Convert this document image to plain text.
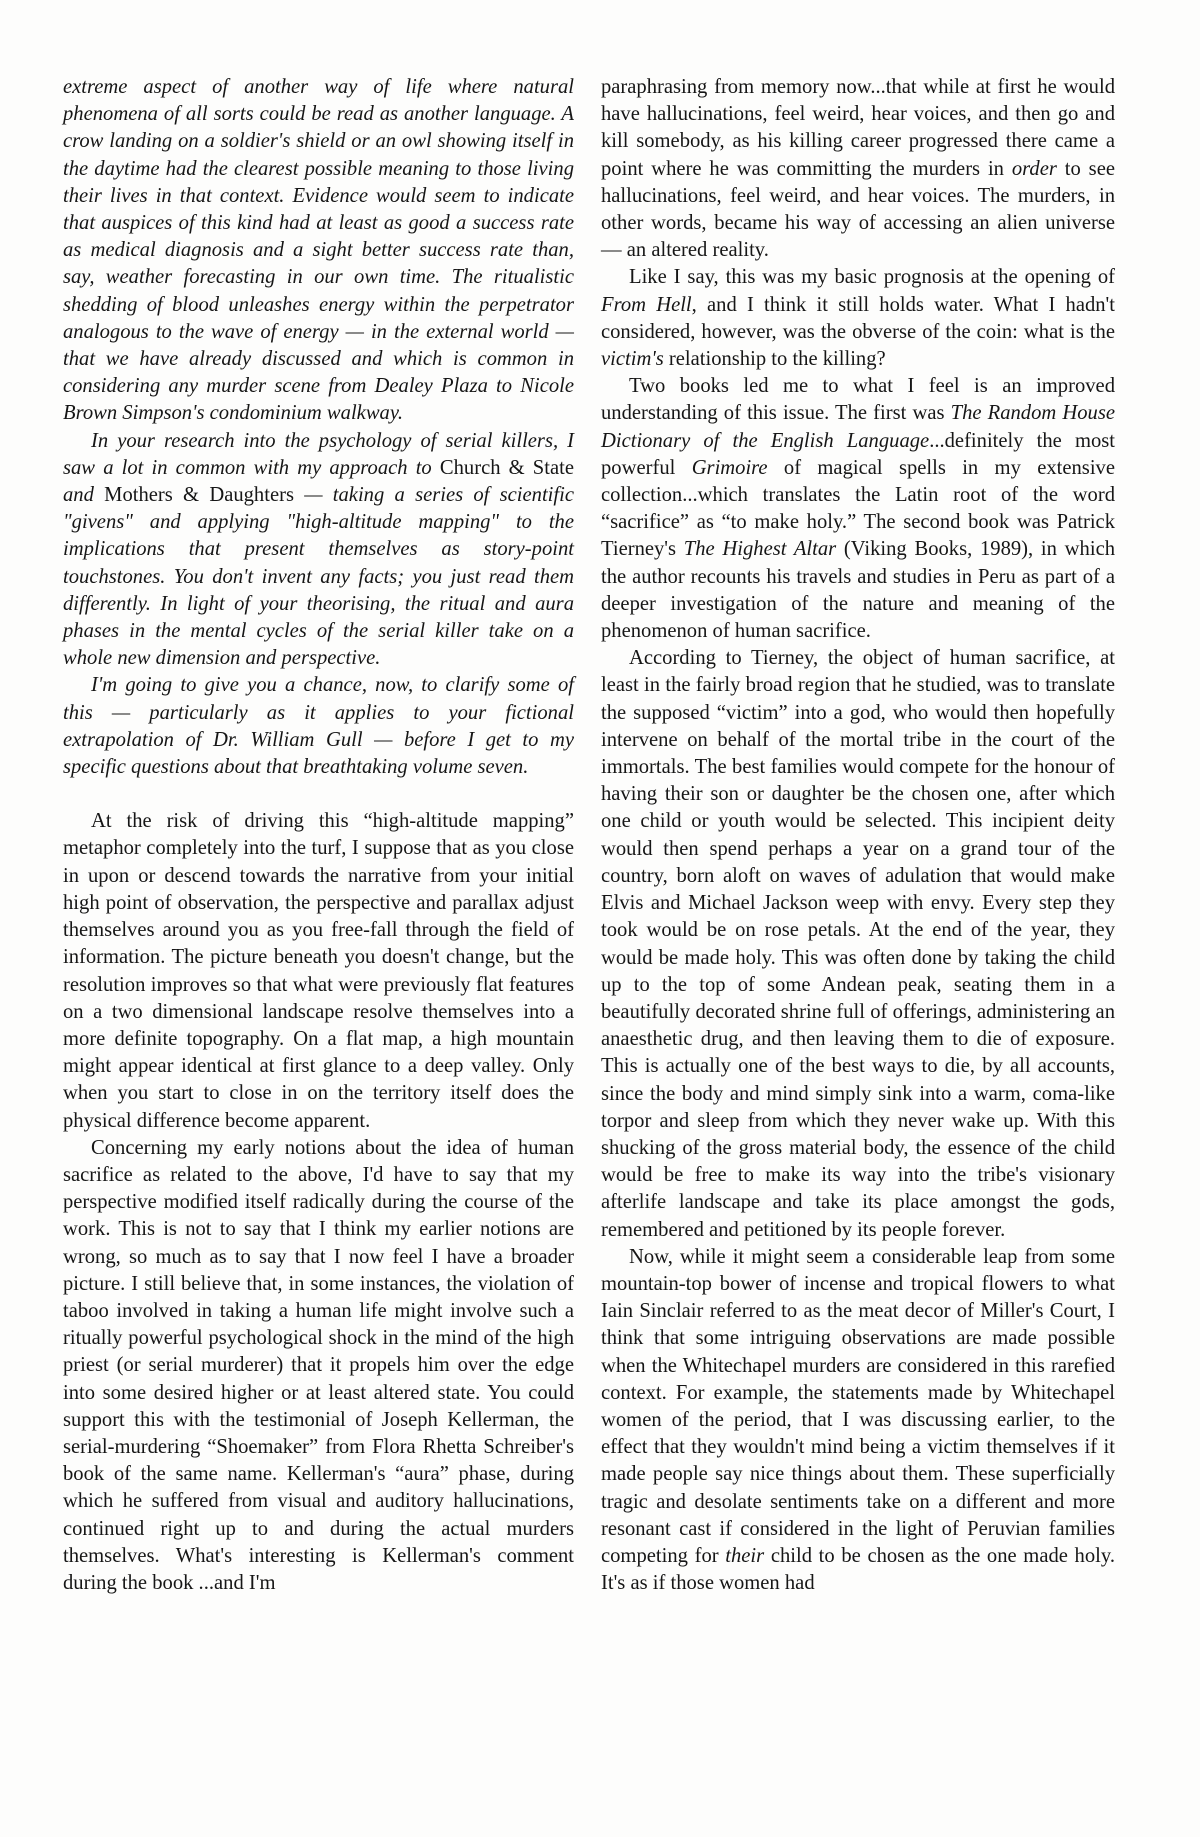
extreme aspect of another way of life where natural phenomena of all sorts could be read as another language. A crow landing on a soldier's shield or an owl showing itself in the daytime had the clearest possible meaning to those living their lives in that context. Evidence would seem to indicate that auspices of this kind had at least as good a success rate as medical diagnosis and a sight better success rate than, say, weather forecasting in our own time. The ritualistic shedding of blood unleashes energy within the perpetrator analogous to the wave of energy — in the external world — that we have already discussed and which is common in considering any murder scene from Dealey Plaza to Nicole Brown Simpson's condominium walkway.

In your research into the psychology of serial killers, I saw a lot in common with my approach to Church & State and Mothers & Daughters — taking a series of scientific "givens" and applying "high-altitude mapping" to the implications that present themselves as story-point touchstones. You don't invent any facts; you just read them differently. In light of your theorising, the ritual and aura phases in the mental cycles of the serial killer take on a whole new dimension and perspective.

I'm going to give you a chance, now, to clarify some of this — particularly as it applies to your fictional extrapolation of Dr. William Gull — before I get to my specific questions about that breathtaking volume seven.

At the risk of driving this “high-altitude mapping” metaphor completely into the turf, I suppose that as you close in upon or descend towards the narrative from your initial high point of observation, the perspective and parallax adjust themselves around you as you free-fall through the field of information. The picture beneath you doesn't change, but the resolution improves so that what were previously flat features on a two dimensional landscape resolve themselves into a more definite topography. On a flat map, a high mountain might appear identical at first glance to a deep valley. Only when you start to close in on the territory itself does the physical difference become apparent.

Concerning my early notions about the idea of human sacrifice as related to the above, I'd have to say that my perspective modified itself radically during the course of the work. This is not to say that I think my earlier notions are wrong, so much as to say that I now feel I have a broader picture. I still believe that, in some instances, the violation of taboo involved in taking a human life might involve such a ritually powerful psychological shock in the mind of the high priest (or serial murderer) that it propels him over the edge into some desired higher or at least altered state. You could support this with the testimonial of Joseph Kellerman, the serial-murdering “Shoemaker” from Flora Rhetta Schreiber's book of the same name. Kellerman's “aura” phase, during which he suffered from visual and auditory hallucinations, continued right up to and during the actual murders themselves. What's interesting is Kellerman's comment during the book ...and I'm

paraphrasing from memory now...that while at first he would have hallucinations, feel weird, hear voices, and then go and kill somebody, as his killing career progressed there came a point where he was committing the murders in order to see hallucinations, feel weird, and hear voices. The murders, in other words, became his way of accessing an alien universe — an altered reality.

Like I say, this was my basic prognosis at the opening of From Hell, and I think it still holds water. What I hadn't considered, however, was the obverse of the coin: what is the victim's relationship to the killing?

Two books led me to what I feel is an improved understanding of this issue. The first was The Random House Dictionary of the English Language...definitely the most powerful Grimoire of magical spells in my extensive collection...which translates the Latin root of the word “sacrifice” as “to make holy.” The second book was Patrick Tierney's The Highest Altar (Viking Books, 1989), in which the author recounts his travels and studies in Peru as part of a deeper investigation of the nature and meaning of the phenomenon of human sacrifice.

According to Tierney, the object of human sacrifice, at least in the fairly broad region that he studied, was to translate the supposed “victim” into a god, who would then hopefully intervene on behalf of the mortal tribe in the court of the immortals. The best families would compete for the honour of having their son or daughter be the chosen one, after which one child or youth would be selected. This incipient deity would then spend perhaps a year on a grand tour of the country, born aloft on waves of adulation that would make Elvis and Michael Jackson weep with envy. Every step they took would be on rose petals. At the end of the year, they would be made holy. This was often done by taking the child up to the top of some Andean peak, seating them in a beautifully decorated shrine full of offerings, administering an anaesthetic drug, and then leaving them to die of exposure. This is actually one of the best ways to die, by all accounts, since the body and mind simply sink into a warm, coma-like torpor and sleep from which they never wake up. With this shucking of the gross material body, the essence of the child would be free to make its way into the tribe's visionary afterlife landscape and take its place amongst the gods, remembered and petitioned by its people forever.

Now, while it might seem a considerable leap from some mountain-top bower of incense and tropical flowers to what Iain Sinclair referred to as the meat decor of Miller's Court, I think that some intriguing observations are made possible when the Whitechapel murders are considered in this rarefied context. For example, the statements made by Whitechapel women of the period, that I was discussing earlier, to the effect that they wouldn't mind being a victim themselves if it made people say nice things about them. These superficially tragic and desolate sentiments take on a different and more resonant cast if considered in the light of Peruvian families competing for their child to be chosen as the one made holy. It's as if those women had
